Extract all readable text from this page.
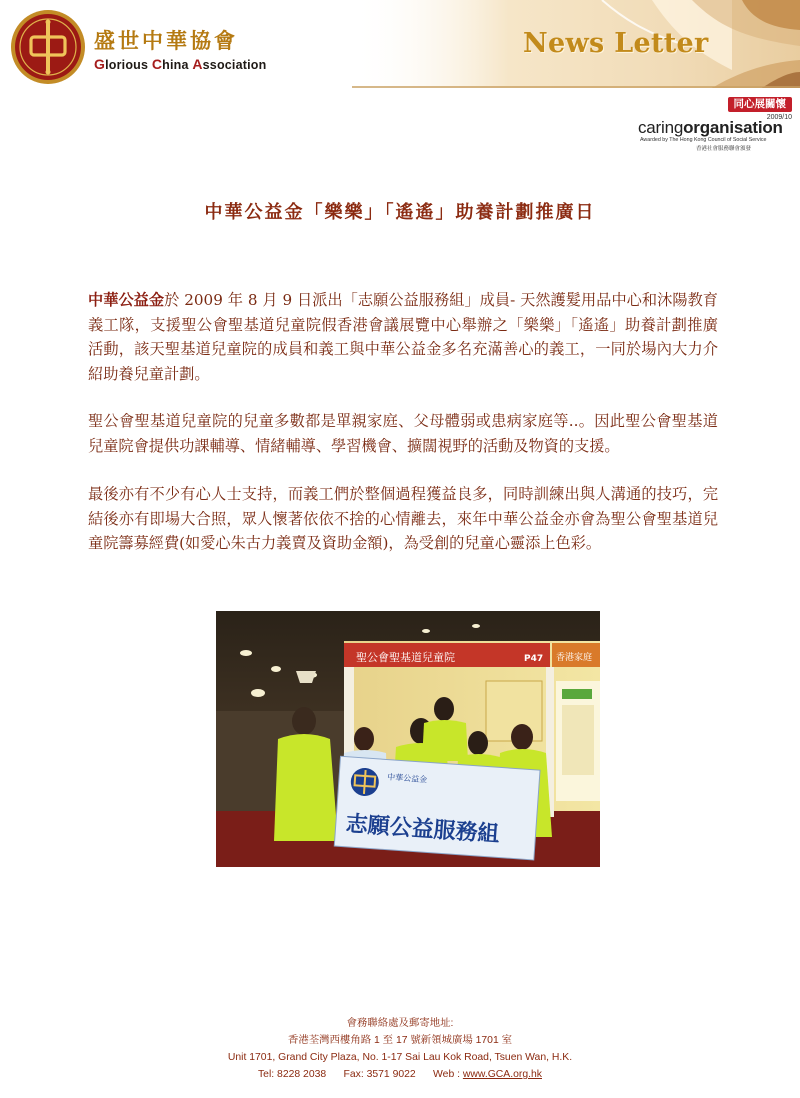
盛世中華協會
Glorious China Association
News Letter
同心展關懷
2009/10
caringorganisation
Awarded by The Hong Kong Council of Social Service
香港社會服務聯會頒發
中華公益金「樂樂」「遙遙」助養計劃推廣日

中華公益金於 2009 年 8 月 9 日派出「志願公益服務組」成員- 天然護髮用品中心和沐陽教育義工隊，支援聖公會聖基道兒童院假香港會議展覽中心舉辦之「樂樂」「遙遙」助養計劃推廣活動，該天聖基道兒童院的成員和義工與中華公益金多名充滿善心的義工，一同於場內大力介紹助養兒童計劃。

聖公會聖基道兒童院的兒童多數都是單親家庭、父母體弱或患病家庭等..。因此聖公會聖基道兒童院會提供功課輔導、情緒輔導、學習機會、擴闊視野的活動及物資的支援。

最後亦有不少有心人士支持，而義工們於整個過程獲益良多，同時訓練出與人溝通的技巧，完結後亦有即場大合照，眾人懷著依依不捨的心情離去，來年中華公益金亦會為聖公會聖基道兒童院籌募經費(如愛心朱古力義賣及資助金額)，為受創的兒童心靈添上色彩。

聖公會聖基道兒童院	P47 香港家庭
中華公益金
志願公益服務組
會務聯絡處及郵寄地址:
香港荃灣西樓角路 1 至 17 號新領城廣場 1701 室
Unit 1701, Grand City Plaza, No. 1-17 Sai Lau Kok Road, Tsuen Wan, H.K.
Tel: 8228 2038 Fax: 3571 9022 Web : www.GCA.org.hk
